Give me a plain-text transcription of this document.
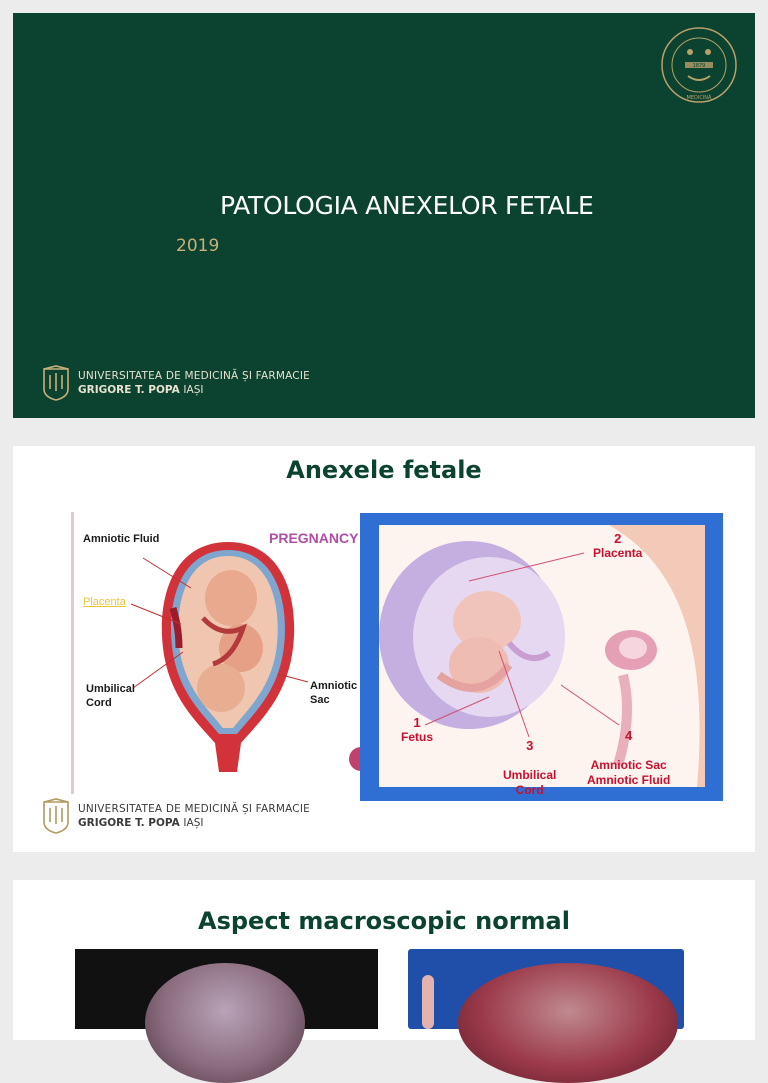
1879
MEDICINĂ
PATOLOGIA ANEXELOR FETALE
2019
UNIVERSITATEA DE MEDICINĂ ȘI FARMACIE
GRIGORE T. POPA IAȘI
Anexele fetale
PREGNANCY
Amniotic Fluid
Placenta
Umbilical
Cord
Amniotic
Sac
2
Placenta
1
Fetus

3

Umbilical
Cord

4

Amniotic Sac
Amniotic Fluid

UNIVERSITATEA DE MEDICINĂ ȘI FARMACIE
GRIGORE T. POPA IAȘI
Aspect macroscopic normal
